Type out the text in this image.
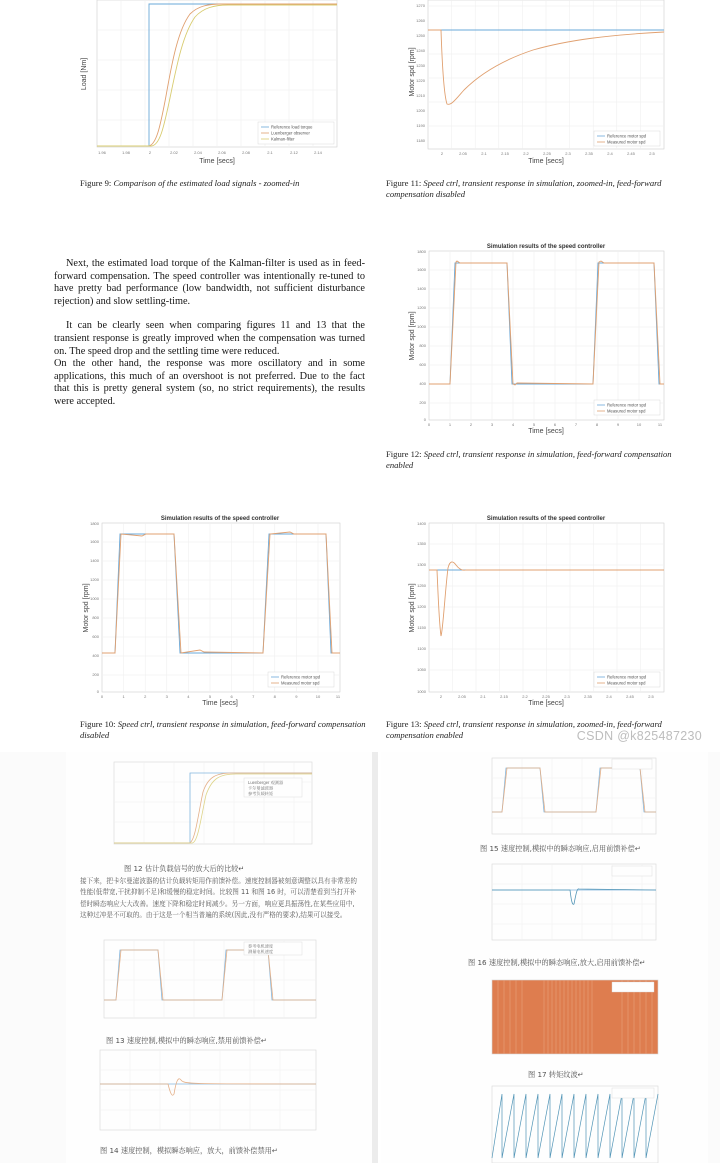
Load [Nm]
Time [secs]
1.96	1.98	2	2.02	2.04	2.06	2.08	2.1	2.12	2.14
Reference load torque
Luenberger observer
Kalman-filter
Figure 9: Comparison of the estimated load signals - zoomed-in
Motor spd [rpm]
Time [secs]
1270
1260
1250
1240
1230
1220
1210
1200
1190
1180
2	2.05	2.1	2.15	2.2	2.25	2.3	2.35	2.4	2.45	2.5
Reference motor spd
Measured motor spd
Figure 11: Speed ctrl, transient response in simulation, zoomed-in, feed-forward compensation disabled

Next, the estimated load torque of the Kalman-filter is used as in feed-forward compensation. The speed controller was intentionally re-tuned to have pretty bad performance (low bandwidth, not sufficient disturbance rejection) and slow settling-time.

It can be clearly seen when comparing figures 11 and 13 that the transient response is greatly improved when the compensation was turned on. The speed drop and the settling time were reduced.

On the other hand, the response was more oscillatory and in some applications, this much of an overshoot is not preferred. Due to the fact that this is pretty general system (so, no strict requirements), the results were accepted.

Simulation results of the speed controller
Motor spd [rpm]
Time [secs]
1800
1600
1400
1200
1000
800
600
400
200
0
0	1	2	3	4	5	6	7	8	9	10	11
Reference motor spd
Measured motor spd
Figure 12: Speed ctrl, transient response in simulation, feed-forward compensation enabled
Simulation results of the speed controller
Motor spd [rpm]
Time [secs]
1800
1600
1400
1200
1000
800
600
400
200
0
0	1	2	3	4	5	6	7	8	9	10	11
Reference motor spd
Measured motor spd
Figure 10: Speed ctrl, transient response in simulation, feed-forward compensation disabled
Simulation results of the speed controller
Motor spd [rpm]
Time [secs]
1400
1350
1300
1250
1200
1150
1100
1050
1000
2	2.05	2.1	2.15	2.2	2.25	2.3	2.35	2.4	2.45	2.5
Reference motor spd
Measured motor spd
Figure 13: Speed ctrl, transient response in simulation, zoomed-in, feed-forward compensation enabled	CSDN @k825487230
Luenberger 观测器
卡尔曼滤波器
参考负载转矩
图 12 估计负载信号的放大后的比较↵

接下来，把卡尔曼滤波器的估计负载转矩用作前馈补偿。速度控制器被刻意调整以具有非常差的性能(低带宽,干扰抑制不足)和缓慢的稳定时间。比较图 11 和图 16 时，可以清楚看到当打开补偿时瞬态响应大大改善。速度下降和稳定时间减少。另一方面，响应更具振荡性,在某些应用中,这种过冲是不可取的。由于这是一个相当普遍的系统(因此,没有严格的要求),结果可以接受。

参考电机速度
测量电机速度
图 13 速度控制,模拟中的瞬态响应,禁用前馈补偿↵
图 14 速度控制，模拟瞬态响应，放大，前馈补偿禁用↵
图 15 速度控制,模拟中的瞬态响应,启用前馈补偿↵
图 16 速度控制,模拟中的瞬态响应,放大,启用前馈补偿↵
图 17 转矩纹波↵
